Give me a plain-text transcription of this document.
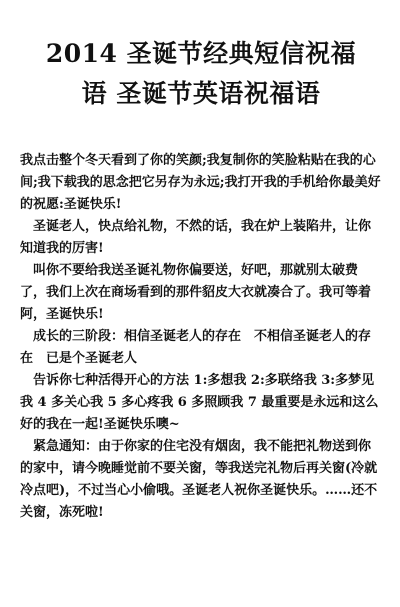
2014 圣诞节经典短信祝福
语 圣诞节英语祝福语

我点击整个冬天看到了你的笑颜;我复制你的笑脸粘贴在我的心间;我下载我的思念把它另存为永远;我打开我的手机给你最美好的祝愿:圣诞快乐!

圣诞老人，快点给礼物，不然的话，我在炉上装陷井，让你知道我的厉害!

叫你不要给我送圣诞礼物你偏要送，好吧，那就别太破费了，我们上次在商场看到的那件貂皮大衣就凑合了。我可等着阿，圣诞快乐!

成长的三阶段：相信圣诞老人的存在　不相信圣诞老人的存在　已是个圣诞老人

告诉你七种活得开心的方法 1:多想我 2:多联络我 3:多梦见我 4 多关心我 5 多心疼我 6 多照顾我 7 最重要是永远和这么好的我在一起!圣诞快乐噢~

紧急通知：由于你家的住宅没有烟囱，我不能把礼物送到你的家中，请今晚睡觉前不要关窗，等我送完礼物后再关窗(冷就冷点吧)，不过当心小偷哦。圣诞老人祝你圣诞快乐。……还不关窗，冻死啦!
